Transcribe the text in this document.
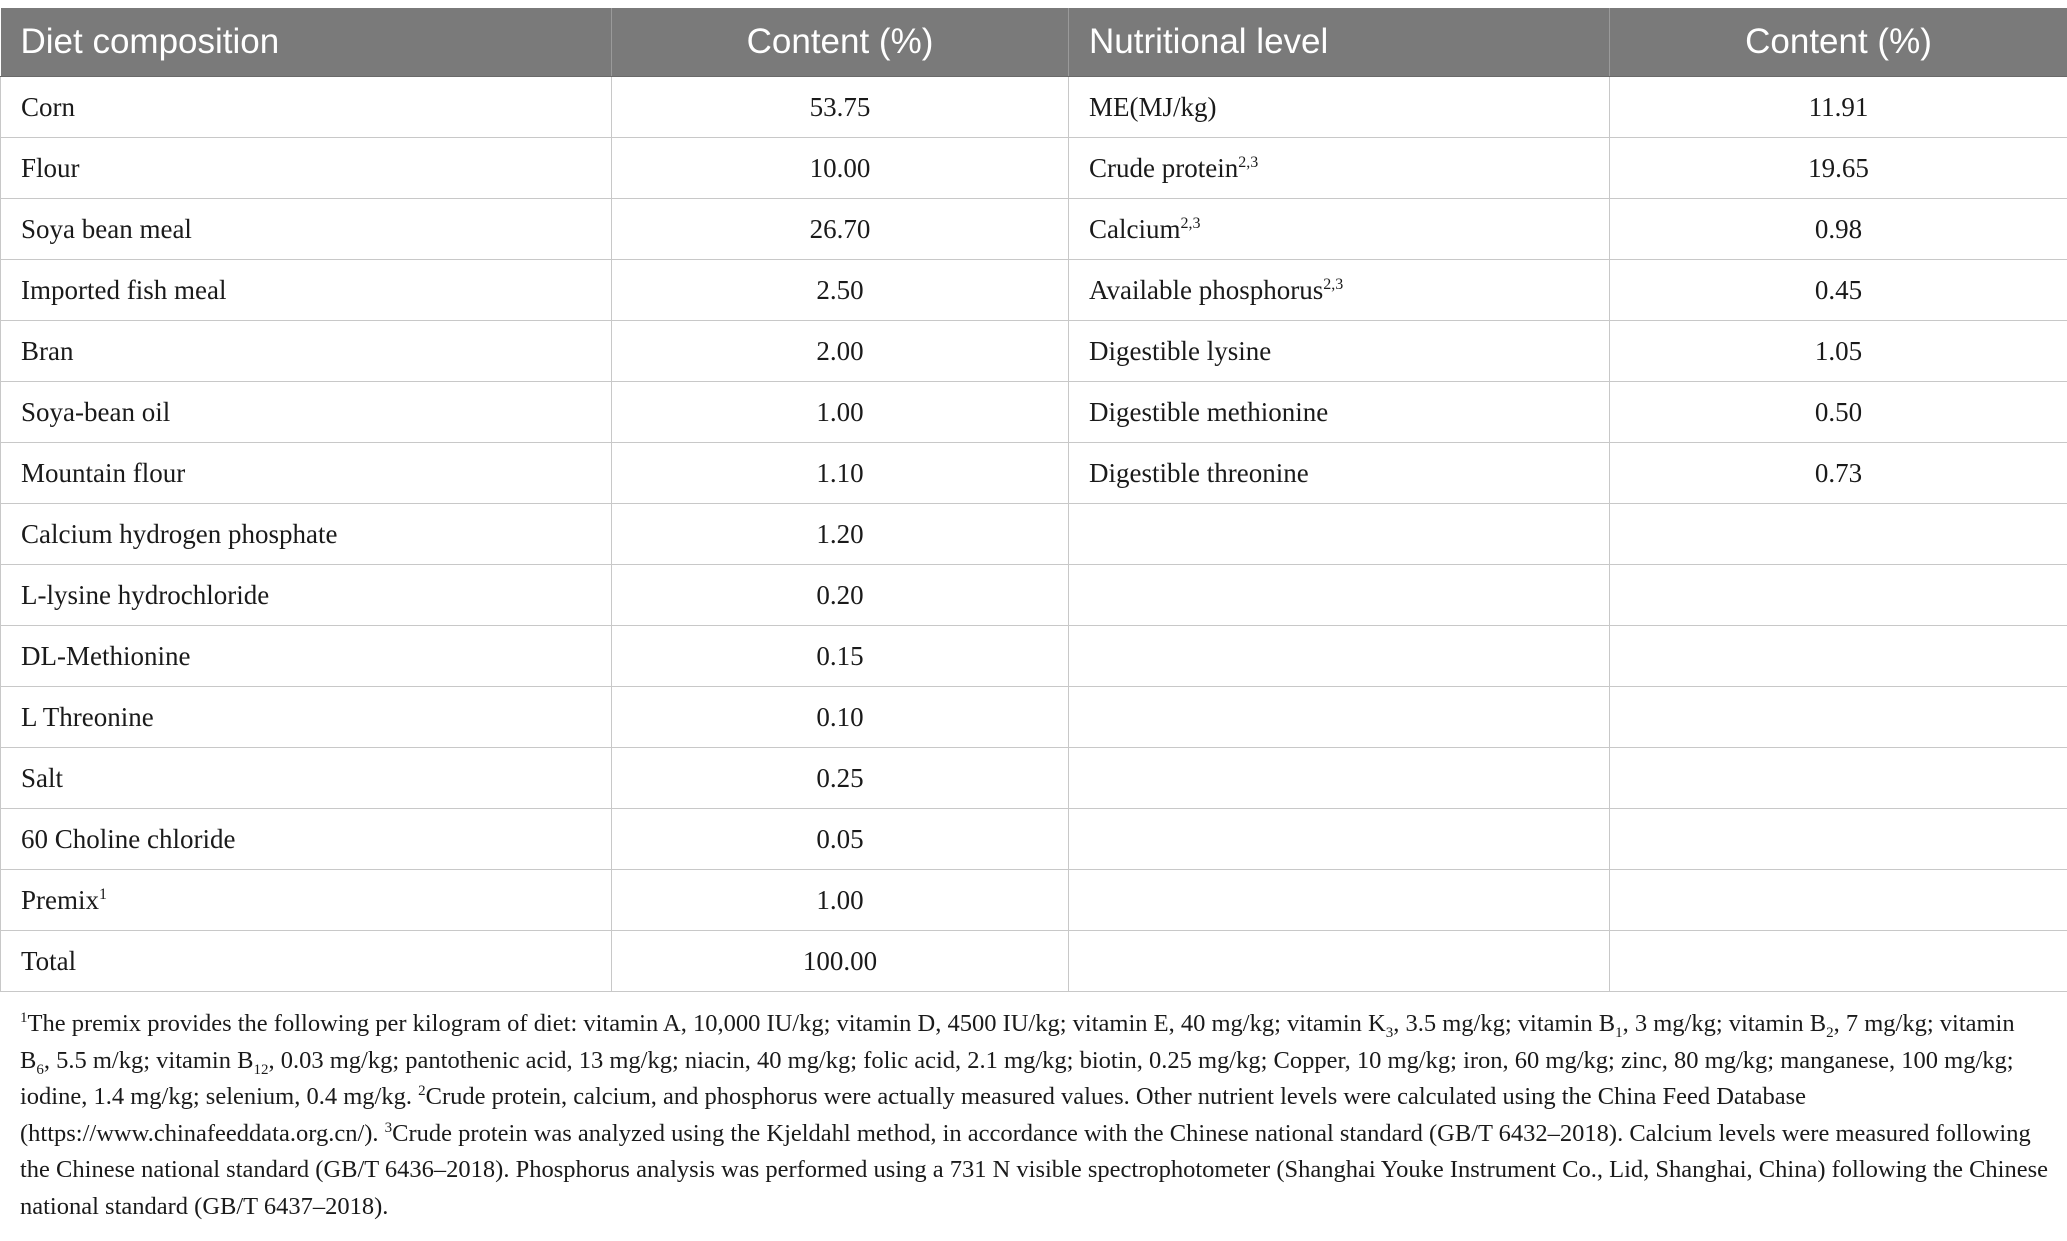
Diet composition	Content (%)	Nutritional level	Content (%)
Corn	53.75	ME(MJ/kg)	11.91
Flour	10.00	Crude protein$^{2,3}$	19.65
Soya bean meal	26.70	Calcium$^{2,3}$	0.98
Imported fish meal	2.50	Available phosphorus$^{2,3}$	0.45
Bran	2.00	Digestible lysine	1.05
Soya-bean oil	1.00	Digestible methionine	0.50
Mountain flour	1.10	Digestible threonine	0.73
Calcium hydrogen phosphate	1.20		
L-lysine hydrochloride	0.20		
DL-Methionine	0.15		
L Threonine	0.10		
Salt	0.25		
60 Choline chloride	0.05		
Premix$^1$	1.00		
Total	100.00		
$^1$The premix provides the following per kilogram of diet: vitamin A, 10,000 IU/kg; vitamin D, 4500 IU/kg; vitamin E, 40 mg/kg; vitamin $K_3$, 3.5 mg/kg; vitamin $B_1$, 3 mg/kg; vitamin $B_2$, 7 mg/kg; vitamin $B_6$, 5.5 m/kg; vitamin $B_{12}$, 0.03 mg/kg; pantothenic acid, 13 mg/kg; niacin, 40 mg/kg; folic acid, 2.1 mg/kg; biotin, 0.25 mg/kg; Copper, 10 mg/kg; iron, 60 mg/kg; zinc, 80 mg/kg; manganese, 100 mg/kg; iodine, 1.4 mg/kg; selenium, 0.4 mg/kg. $^2$Crude protein, calcium, and phosphorus were actually measured values. Other nutrient levels were calculated using the China Feed Database (https://www.chinafeeddata.org.cn/). $^3$Crude protein was analyzed using the Kjeldahl method, in accordance with the Chinese national standard (GB/T 6432–2018). Calcium levels were measured following the Chinese national standard (GB/T 6436–2018). Phosphorus analysis was performed using a 731 N visible spectrophotometer (Shanghai Youke Instrument Co., Lid, Shanghai, China) following the Chinese national standard (GB/T 6437–2018).
